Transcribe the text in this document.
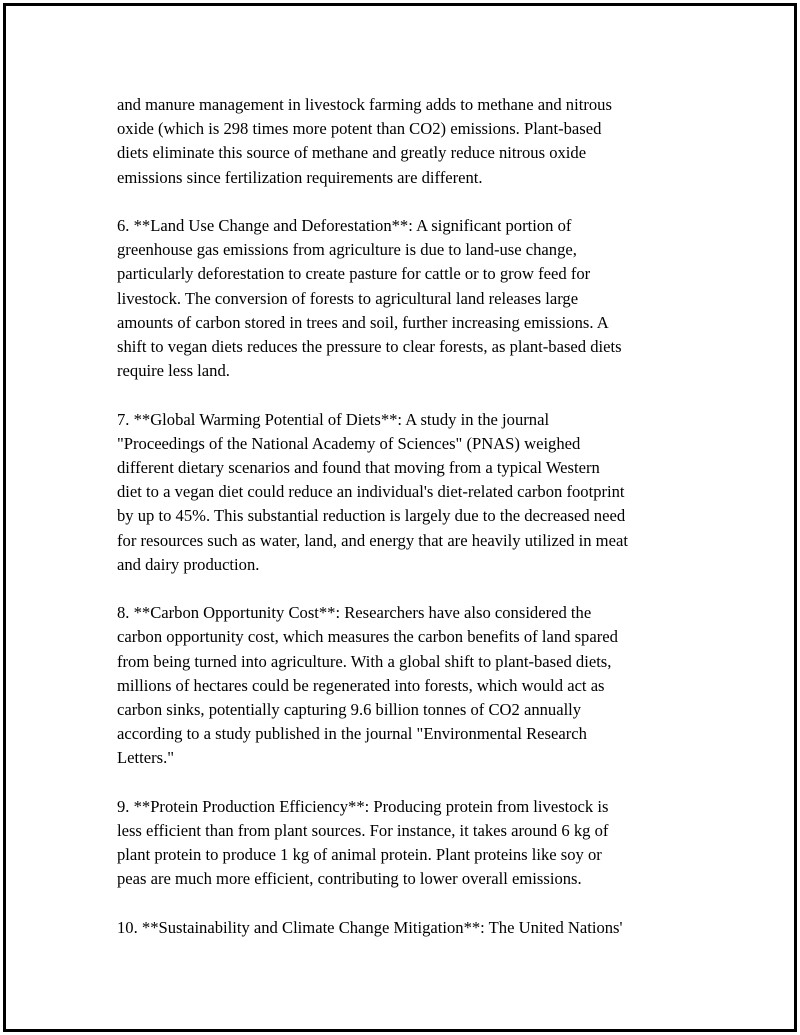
and manure management in livestock farming adds to methane and nitrous
oxide (which is 298 times more potent than CO2) emissions. Plant-based
diets eliminate this source of methane and greatly reduce nitrous oxide
emissions since fertilization requirements are different.

6. **Land Use Change and Deforestation**: A significant portion of
greenhouse gas emissions from agriculture is due to land-use change,
particularly deforestation to create pasture for cattle or to grow feed for
livestock. The conversion of forests to agricultural land releases large
amounts of carbon stored in trees and soil, further increasing emissions. A
shift to vegan diets reduces the pressure to clear forests, as plant-based diets
require less land.

7. **Global Warming Potential of Diets**: A study in the journal
"Proceedings of the National Academy of Sciences" (PNAS) weighed
different dietary scenarios and found that moving from a typical Western
diet to a vegan diet could reduce an individual's diet-related carbon footprint
by up to 45%. This substantial reduction is largely due to the decreased need
for resources such as water, land, and energy that are heavily utilized in meat
and dairy production.

8. **Carbon Opportunity Cost**: Researchers have also considered the
carbon opportunity cost, which measures the carbon benefits of land spared
from being turned into agriculture. With a global shift to plant-based diets,
millions of hectares could be regenerated into forests, which would act as
carbon sinks, potentially capturing 9.6 billion tonnes of CO2 annually
according to a study published in the journal "Environmental Research
Letters."

9. **Protein Production Efficiency**: Producing protein from livestock is
less efficient than from plant sources. For instance, it takes around 6 kg of
plant protein to produce 1 kg of animal protein. Plant proteins like soy or
peas are much more efficient, contributing to lower overall emissions.

10. **Sustainability and Climate Change Mitigation**: The United Nations'
